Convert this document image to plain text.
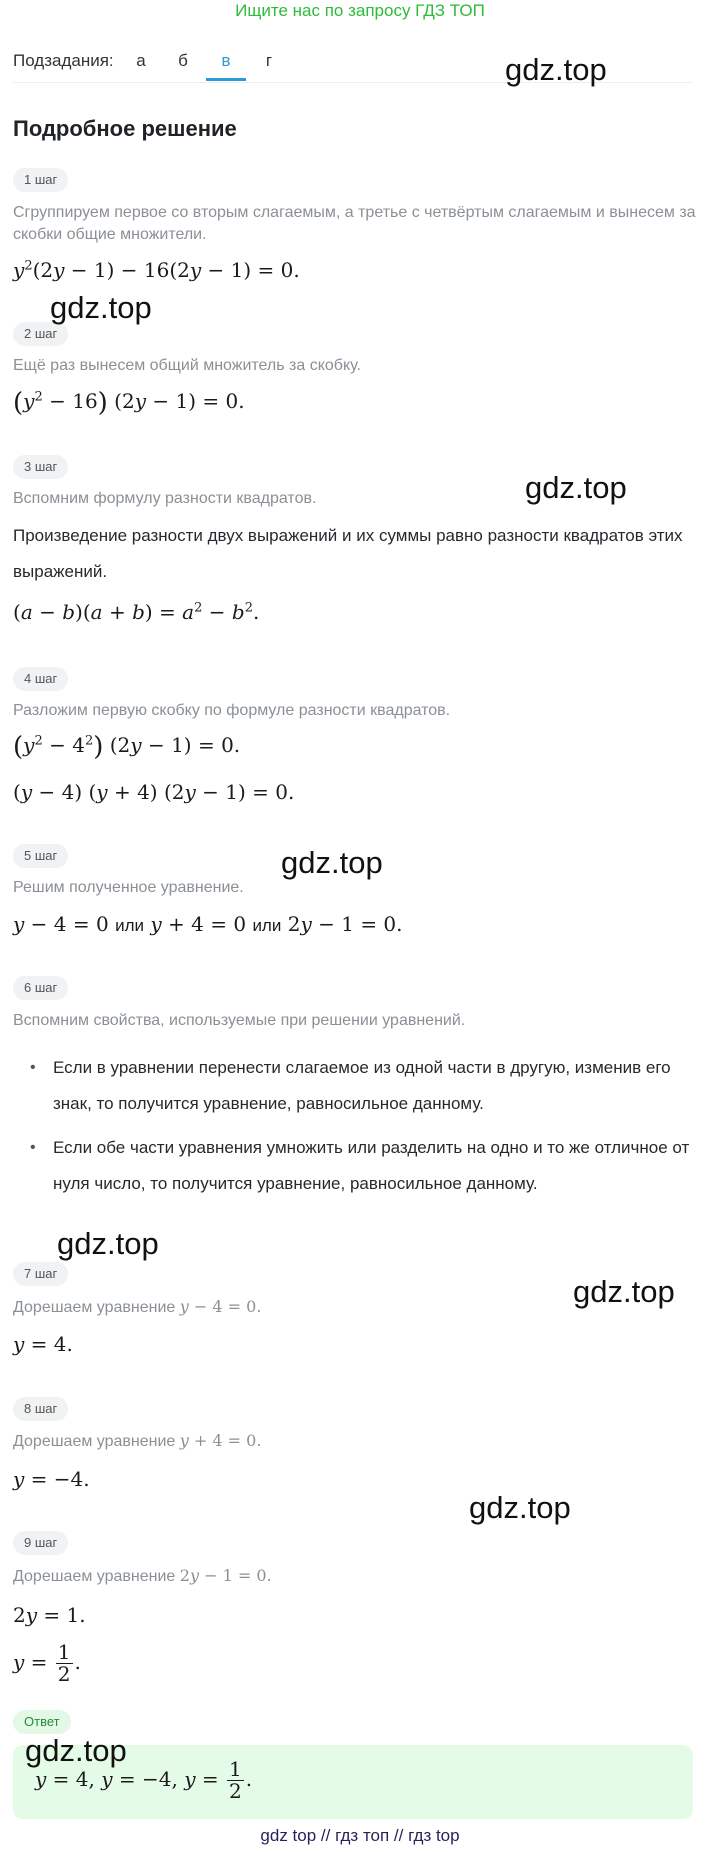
Ищите нас по запросу ГДЗ ТОП
Подзадания:	а	б	в	г
Подробное решение
1 шаг
Сгруппируем первое со вторым слагаемым, а третье с четвёртым слагаемым и вынесем за скобки общие множители.
$y^2(2y - 1) - 16(2y - 1) = 0$.
2 шаг
Ещё раз вынесем общий множитель за скобку.
$(y^2 - 16) (2y - 1) = 0$.
3 шаг
Вспомним формулу разности квадратов.
Произведение разности двух выражений и их суммы равно разности квадратов этих выражений.
$(a - b)(a + b) = a^2 - b^2$.
4 шаг
Разложим первую скобку по формуле разности квадратов.
$(y^2 - 4^2) (2y - 1) = 0$.
(y − 4) (y + 4) (2y − 1) = 0.
5 шаг
Решим полученное уравнение.
y − 4 = 0 или y + 4 = 0 или 2y − 1 = 0.
6 шаг
Вспомним свойства, используемые при решении уравнений.
• Если в уравнении перенести слагаемое из одной части в другую, изменив его знак, то получится уравнение, равносильное данному.
• Если обе части уравнения умножить или разделить на одно и то же отличное от нуля число, то получится уравнение, равносильное данному.
7 шаг
Дорешаем уравнение y − 4 = 0.
y = 4.
8 шаг
Дорешаем уравнение y + 4 = 0.
y = −4.
9 шаг
Дорешаем уравнение 2y − 1 = 0.
2y = 1.
$y = \frac{1}{2}$ .
Ответ
y = 4, y = −4, $y = \frac{1}{2}$ .
gdz.top
gdz.top
gdz.top
gdz.top
gdz.top
gdz.top
gdz.top
gdz.top
gdz top // гдз топ // гдз top
